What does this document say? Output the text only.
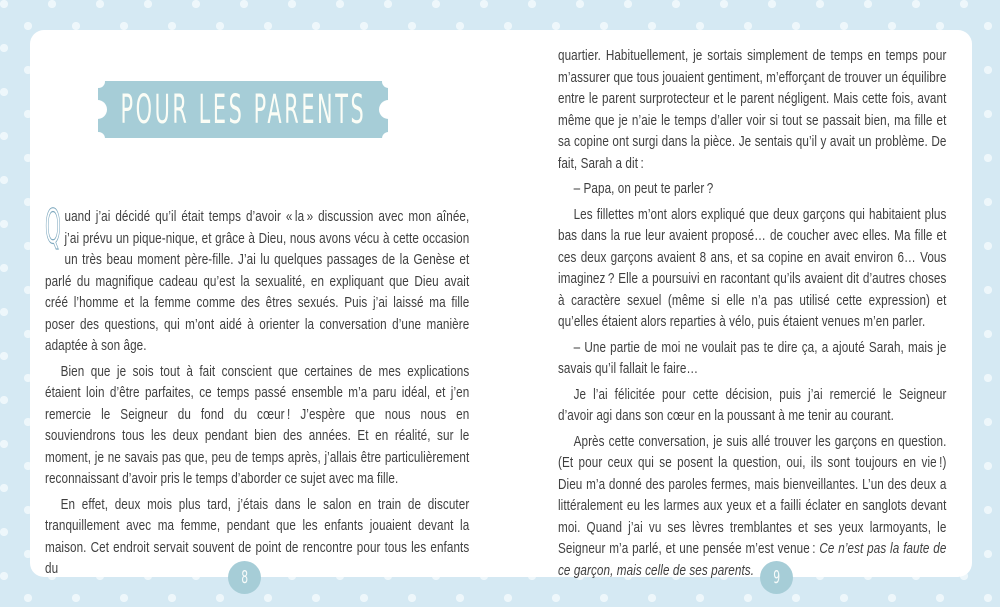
POUR LES PARENTS

Quand j’ai décidé qu’il était temps d’avoir « la » discussion avec mon aînée, j’ai prévu un pique-nique, et grâce à Dieu, nous avons vécu à cette occasion un très beau moment père-fille. J’ai lu quelques passages de la Genèse et parlé du magnifique cadeau qu’est la sexualité, en expliquant que Dieu avait créé l’homme et la femme comme des êtres sexués. Puis j’ai laissé ma fille poser des questions, qui m’ont aidé à orienter la conversation d’une manière adaptée à son âge.

Bien que je sois tout à fait conscient que certaines de mes explications étaient loin d’être parfaites, ce temps passé ensemble m’a paru idéal, et j’en remercie le Seigneur du fond du cœur ! J’espère que nous nous en souviendrons tous les deux pendant bien des années. Et en réalité, sur le moment, je ne savais pas que, peu de temps après, j’allais être particulièrement reconnaissant d’avoir pris le temps d’aborder ce sujet avec ma fille.

En effet, deux mois plus tard, j’étais dans le salon en train de discuter tranquillement avec ma femme, pendant que les enfants jouaient devant la maison. Cet endroit servait souvent de point de rencontre pour tous les enfants du	8

quartier. Habituellement, je sortais simplement de temps en temps pour m’assurer que tous jouaient gentiment, m’efforçant de trouver un équilibre entre le parent surprotecteur et le parent négligent. Mais cette fois, avant même que je n’aie le temps d’aller voir si tout se passait bien, ma fille et sa copine ont surgi dans la pièce. Je sentais qu’il y avait un problème. De fait, Sarah a dit :

– Papa, on peut te parler ?

Les fillettes m’ont alors expliqué que deux garçons qui habitaient plus bas dans la rue leur avaient proposé… de coucher avec elles. Ma fille et ces deux garçons avaient 8 ans, et sa copine en avait environ 6… Vous imaginez ? Elle a poursuivi en racontant qu’ils avaient dit d’autres choses à caractère sexuel (même si elle n’a pas utilisé cette expression) et qu’elles étaient alors reparties à vélo, puis étaient venues m’en parler.

– Une partie de moi ne voulait pas te dire ça, a ajouté Sarah, mais je savais qu’il fallait le faire…

Je l’ai félicitée pour cette décision, puis j’ai remercié le Seigneur d’avoir agi dans son cœur en la poussant à me tenir au courant.

Après cette conversation, je suis allé trouver les garçons en question. (Et pour ceux qui se posent la question, oui, ils sont toujours en vie !) Dieu m’a donné des paroles fermes, mais bienveillantes. L’un des deux a littéralement eu les larmes aux yeux et a failli éclater en sanglots devant moi. Quand j’ai vu ses lèvres tremblantes et ses yeux larmoyants, le Seigneur m’a parlé, et une pensée m’est venue : Ce n’est pas la faute de ce garçon, mais celle de ses parents.	9
